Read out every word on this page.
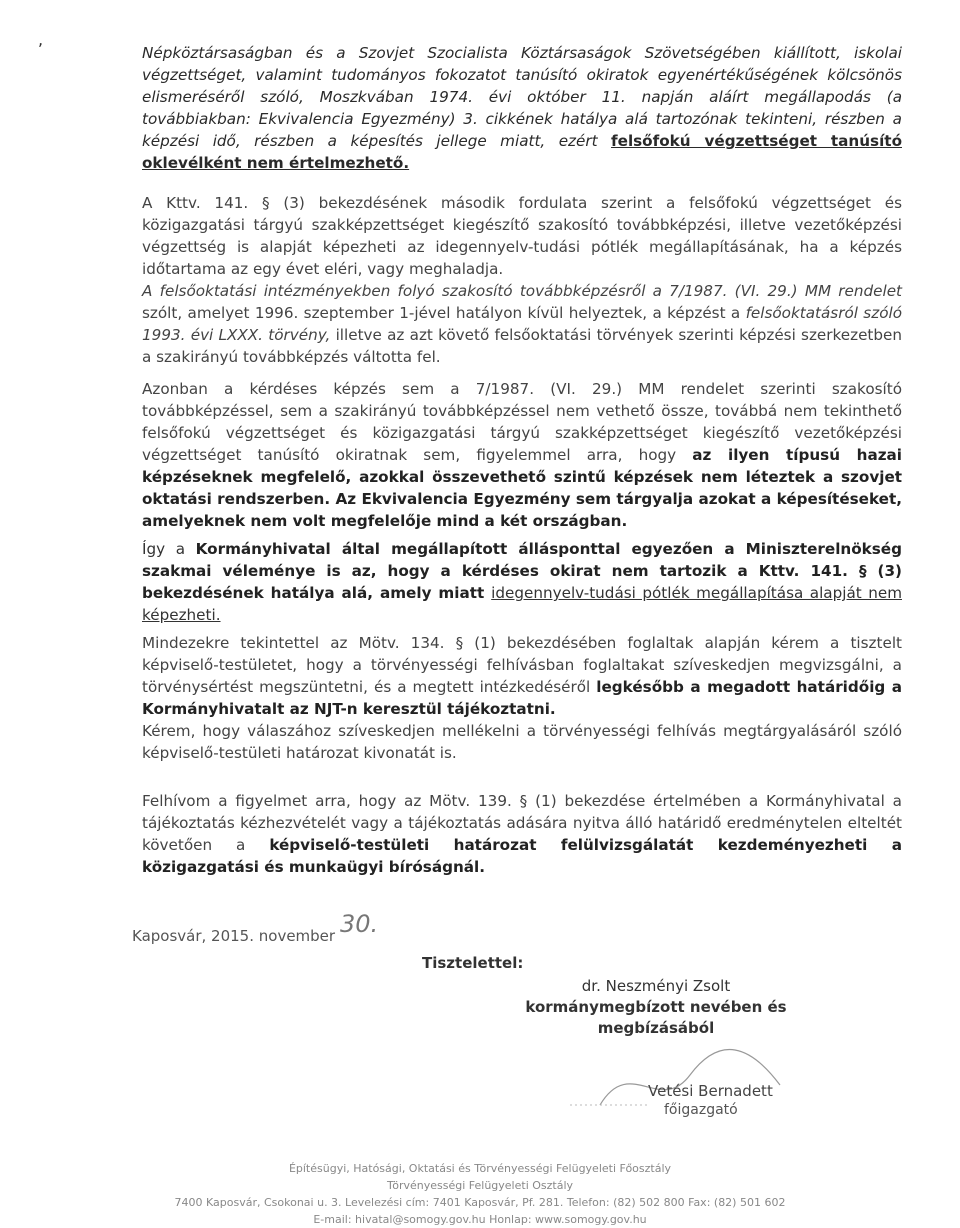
,

Népköztársaságban és a Szovjet Szocialista Köztársaságok Szövetségében kiállított, iskolai végzettséget, valamint tudományos fokozatot tanúsító okiratok egyenértékűségének kölcsönös elismeréséről szóló, Moszkvában 1974. évi október 11. napján aláírt megállapodás (a továbbiakban: Ekvivalencia Egyezmény) 3. cikkének hatálya alá tartozónak tekinteni, részben a képzési idő, részben a képesítés jellege miatt, ezért felsőfokú végzettséget tanúsító oklevélként nem értelmezhető.

A Kttv. 141. § (3) bekezdésének második fordulata szerint a felsőfokú végzettséget és közigazgatási tárgyú szakképzettséget kiegészítő szakosító továbbképzési, illetve vezetőképzési végzettség is alapját képezheti az idegennyelv-tudási pótlék megállapításának, ha a képzés időtartama az egy évet eléri, vagy meghaladja.
A felsőoktatási intézményekben folyó szakosító továbbképzésről a 7/1987. (VI. 29.) MM rendelet szólt, amelyet 1996. szeptember 1-jével hatályon kívül helyeztek, a képzést a felsőoktatásról szóló 1993. évi LXXX. törvény, illetve az azt követő felsőoktatási törvények szerinti képzési szerkezetben a szakirányú továbbképzés váltotta fel.

Azonban a kérdéses képzés sem a 7/1987. (VI. 29.) MM rendelet szerinti szakosító továbbképzéssel, sem a szakirányú továbbképzéssel nem vethető össze, továbbá nem tekinthető felsőfokú végzettséget és közigazgatási tárgyú szakképzettséget kiegészítő vezetőképzési végzettséget tanúsító okiratnak sem, figyelemmel arra, hogy az ilyen típusú hazai képzéseknek megfelelő, azokkal összevethető szintű képzések nem léteztek a szovjet oktatási rendszerben. Az Ekvivalencia Egyezmény sem tárgyalja azokat a képesítéseket, amelyeknek nem volt megfelelője mind a két országban.

Így a Kormányhivatal által megállapított állásponttal egyezően a Miniszterelnökség szakmai véleménye is az, hogy a kérdéses okirat nem tartozik a Kttv. 141. § (3) bekezdésének hatálya alá, amely miatt idegennyelv-tudási pótlék megállapítása alapját nem képezheti.

Mindezekre tekintettel az Mötv. 134. § (1) bekezdésében foglaltak alapján kérem a tisztelt képviselő-testületet, hogy a törvényességi felhívásban foglaltakat szíveskedjen megvizsgálni, a törvénysértést megszüntetni, és a megtett intézkedéséről legkésőbb a megadott határidőig a Kormányhivatalt az NJT-n keresztül tájékoztatni.
Kérem, hogy válaszához szíveskedjen mellékelni a törvényességi felhívás megtárgyalásáról szóló képviselő-testületi határozat kivonatát is.

Felhívom a figyelmet arra, hogy az Mötv. 139. § (1) bekezdése értelmében a Kormányhivatal a tájékoztatás kézhezvételét vagy a tájékoztatás adására nyitva álló határidő eredménytelen elteltét követően a képviselő-testületi határozat felülvizsgálatát kezdeményezheti a közigazgatási és munkaügyi bíróságnál.

Kaposvár, 2015. november 30.
Tisztelettel:
dr. Neszményi Zsolt
kormánymegbízott nevében és megbízásából
Vetési Bernadett
főigazgató
Építésügyi, Hatósági, Oktatási és Törvényességi Felügyeleti Főosztály
Törvényességi Felügyeleti Osztály
7400 Kaposvár, Csokonai u. 3. Levelezési cím: 7401 Kaposvár, Pf. 281. Telefon: (82) 502 800 Fax: (82) 501 602
E-mail: hivatal@somogy.gov.hu Honlap: www.somogy.gov.hu
